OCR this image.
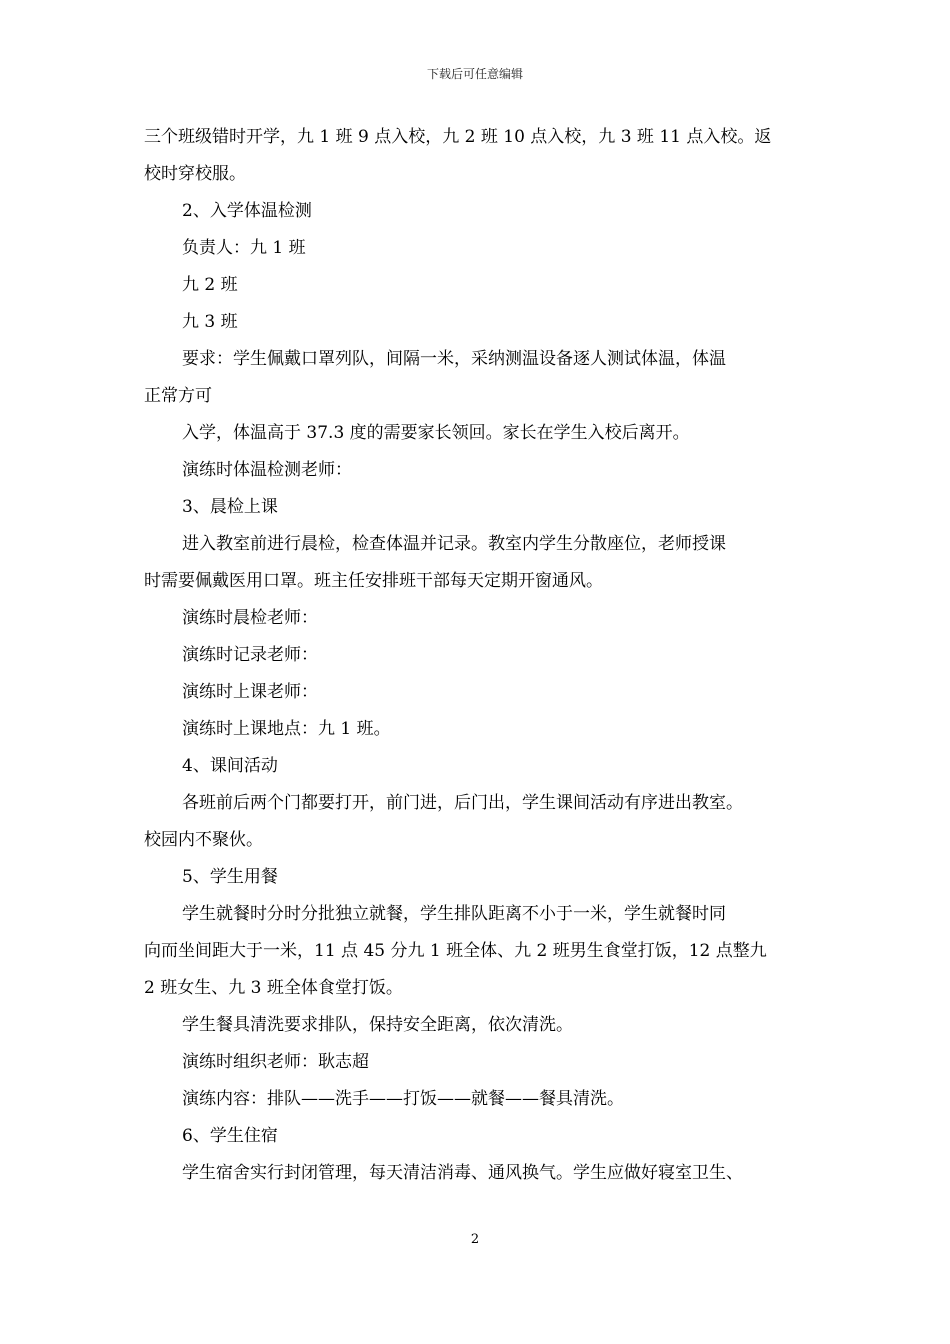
下载后可任意编辑

三个班级错时开学，九 1 班 9 点入校，九 2 班 10 点入校，九 3 班 11 点入校。返

校时穿校服。

2、入学体温检测

负责人：九 1 班

九 2 班

九 3 班

要求：学生佩戴口罩列队，间隔一米，采纳测温设备逐人测试体温，体温

正常方可

入学，体温高于 37.3 度的需要家长领回。家长在学生入校后离开。

演练时体温检测老师：

3、晨检上课

进入教室前进行晨检，检查体温并记录。教室内学生分散座位，老师授课

时需要佩戴医用口罩。班主任安排班干部每天定期开窗通风。

演练时晨检老师：

演练时记录老师：

演练时上课老师：

演练时上课地点：九 1 班。

4、课间活动

各班前后两个门都要打开，前门进，后门出，学生课间活动有序进出教室。

校园内不聚伙。

5、学生用餐

学生就餐时分时分批独立就餐，学生排队距离不小于一米，学生就餐时同

向而坐间距大于一米，11 点 45 分九 1 班全体、九 2 班男生食堂打饭，12 点整九

2 班女生、九 3 班全体食堂打饭。

学生餐具清洗要求排队，保持安全距离，依次清洗。

演练时组织老师：耿志超

演练内容：排队——洗手——打饭——就餐——餐具清洗。

6、学生住宿

学生宿舍实行封闭管理，每天清洁消毒、通风换气。学生应做好寝室卫生、

2
